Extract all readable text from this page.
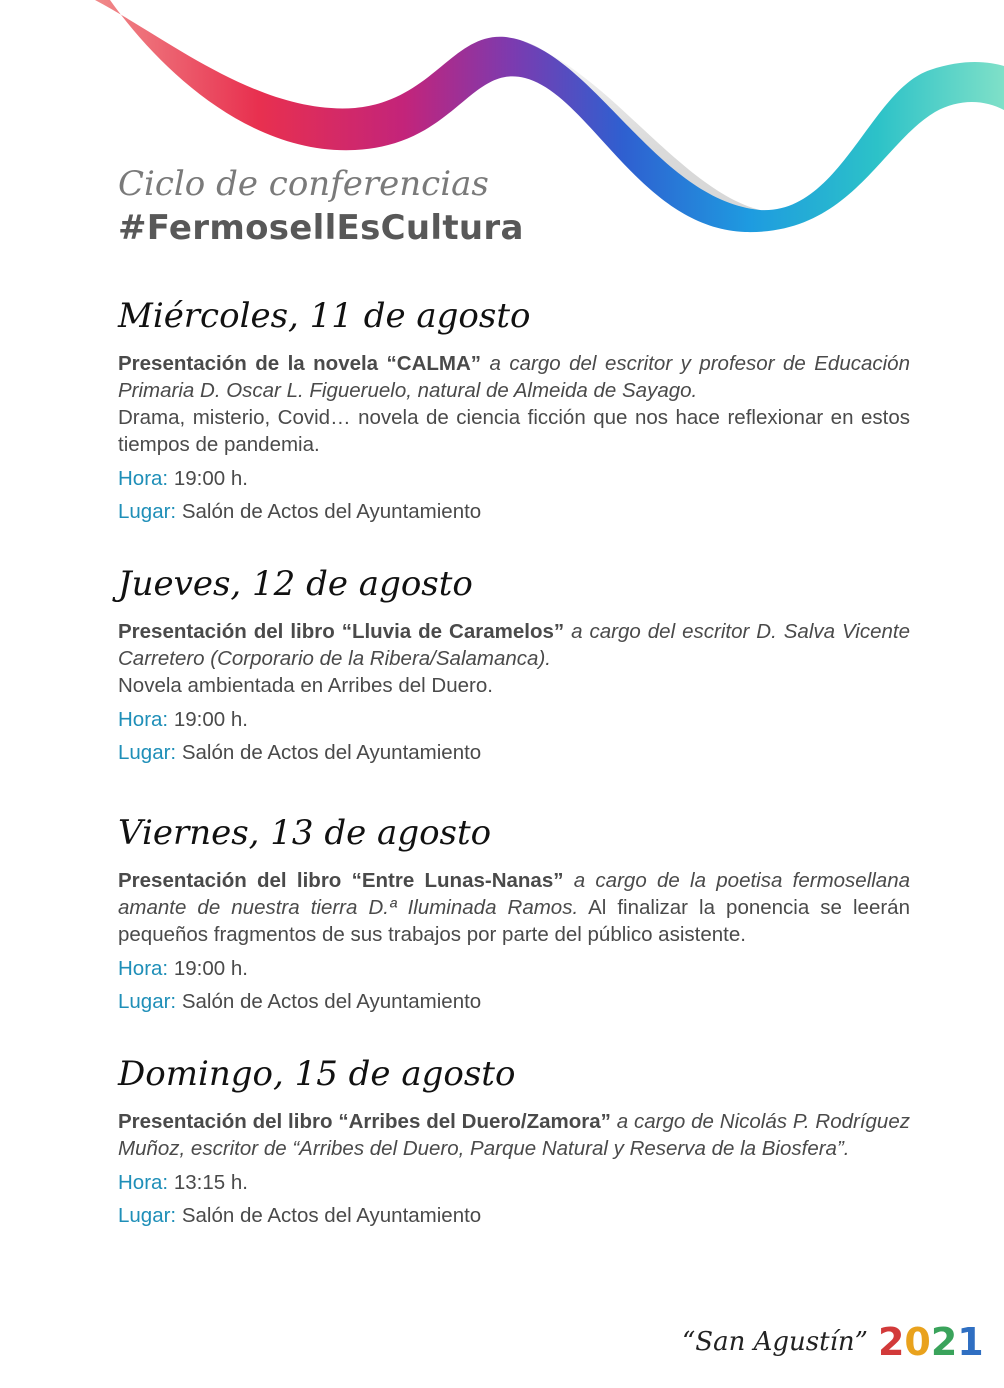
Ciclo de conferencias
#FermosellEsCultura
Miércoles, 11 de agosto

Presentación de la novela “CALMA” a cargo del escritor y profesor de Educación Primaria D. Oscar L. Figueruelo, natural de Almeida de Sayago.
Drama, misterio, Covid… novela de ciencia ficción que nos hace reflexionar en estos tiempos de pandemia.

Hora: 19:00 h.
Lugar: Salón de Actos del Ayuntamiento
Jueves, 12 de agosto

Presentación del libro “Lluvia de Caramelos” a cargo del escritor D. Salva Vicente Carretero (Corporario de la Ribera/Salamanca).
Novela ambientada en Arribes del Duero.

Hora: 19:00 h.
Lugar: Salón de Actos del Ayuntamiento
Viernes, 13 de agosto

Presentación del libro “Entre Lunas-Nanas” a cargo de la poetisa fermosellana amante de nuestra tierra D.ª Iluminada Ramos. Al finalizar la ponencia se leerán pequeños fragmentos de sus trabajos por parte del público asistente.

Hora: 19:00 h.
Lugar: Salón de Actos del Ayuntamiento
Domingo, 15 de agosto

Presentación del libro “Arribes del Duero/Zamora” a cargo de Nicolás P. Rodríguez Muñoz, escritor de “Arribes del Duero, Parque Natural y Reserva de la Biosfera”.

Hora: 13:15 h.
Lugar: Salón de Actos del Ayuntamiento
“San Agustín” 2 0 2 1
